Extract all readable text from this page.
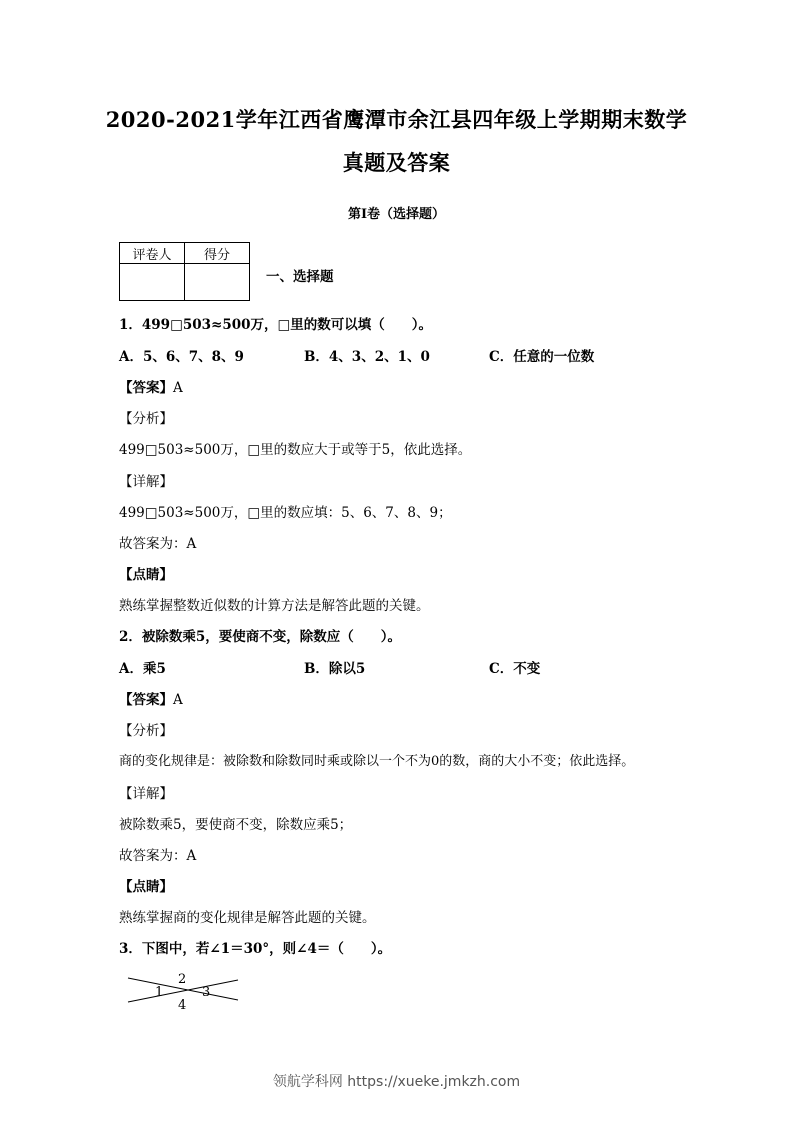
2020-2021学年江西省鹰潭市余江县四年级上学期期末数学
真题及答案
第Ⅰ卷（选择题）
评卷人	得分

一、选择题
1．499□503≈500万，□里的数可以填（　　）。
A．5、6、7、8、9	B．4、3、2、1、0	C．任意的一位数
【答案】A
【分析】
499□503≈500万，□里的数应大于或等于5，依此选择。
【详解】
499□503≈500万，□里的数应填：5、6、7、8、9；
故答案为：A
【点睛】
熟练掌握整数近似数的计算方法是解答此题的关键。
2．被除数乘5，要使商不变，除数应（　　）。
A．乘5	B．除以5	C．不变
【答案】A
【分析】
商的变化规律是：被除数和除数同时乘或除以一个不为0的数，商的大小不变；依此选择。
【详解】
被除数乘5，要使商不变，除数应乘5；
故答案为：A
【点睛】
熟练掌握商的变化规律是解答此题的关键。
3．下图中，若∠1＝30°，则∠4＝（　　）。
1
2
3
4
领航学科网 https://xueke.jmkzh.com
